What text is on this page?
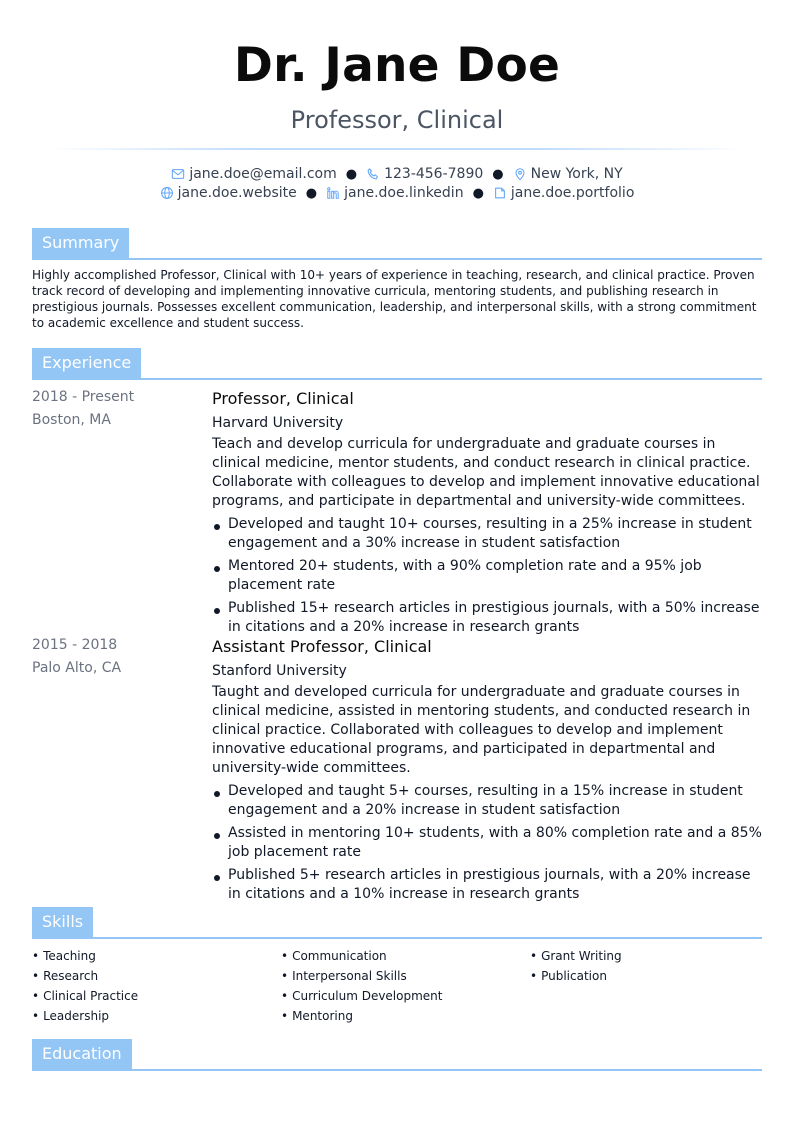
Dr. Jane Doe
Professor, Clinical
jane.doe@email.com ● 123-456-7890 ● New York, NY
jane.doe.website ● jane.doe.linkedin ● jane.doe.portfolio
Summary
Highly accomplished Professor, Clinical with 10+ years of experience in teaching, research, and clinical practice. Proven track record of developing and implementing innovative curricula, mentoring students, and publishing research in prestigious journals. Possesses excellent communication, leadership, and interpersonal skills, with a strong commitment to academic excellence and student success.
Experience
2018 - Present
Boston, MA
Professor, Clinical
Harvard University
Teach and develop curricula for undergraduate and graduate courses in clinical medicine, mentor students, and conduct research in clinical practice. Collaborate with colleagues to develop and implement innovative educational programs, and participate in departmental and university-wide committees.
Developed and taught 10+ courses, resulting in a 25% increase in student engagement and a 30% increase in student satisfaction
Mentored 20+ students, with a 90% completion rate and a 95% job placement rate
Published 15+ research articles in prestigious journals, with a 50% increase in citations and a 20% increase in research grants
2015 - 2018
Palo Alto, CA
Assistant Professor, Clinical
Stanford University
Taught and developed curricula for undergraduate and graduate courses in clinical medicine, assisted in mentoring students, and conducted research in clinical practice. Collaborated with colleagues to develop and implement innovative educational programs, and participated in departmental and university-wide committees.
Developed and taught 5+ courses, resulting in a 15% increase in student engagement and a 20% increase in student satisfaction
Assisted in mentoring 10+ students, with a 80% completion rate and a 85% job placement rate
Published 5+ research articles in prestigious journals, with a 20% increase in citations and a 10% increase in research grants
Skills
• Teaching
• Research
• Clinical Practice
• Leadership
• Communication
• Interpersonal Skills
• Curriculum Development
• Mentoring
• Grant Writing
• Publication
Education
